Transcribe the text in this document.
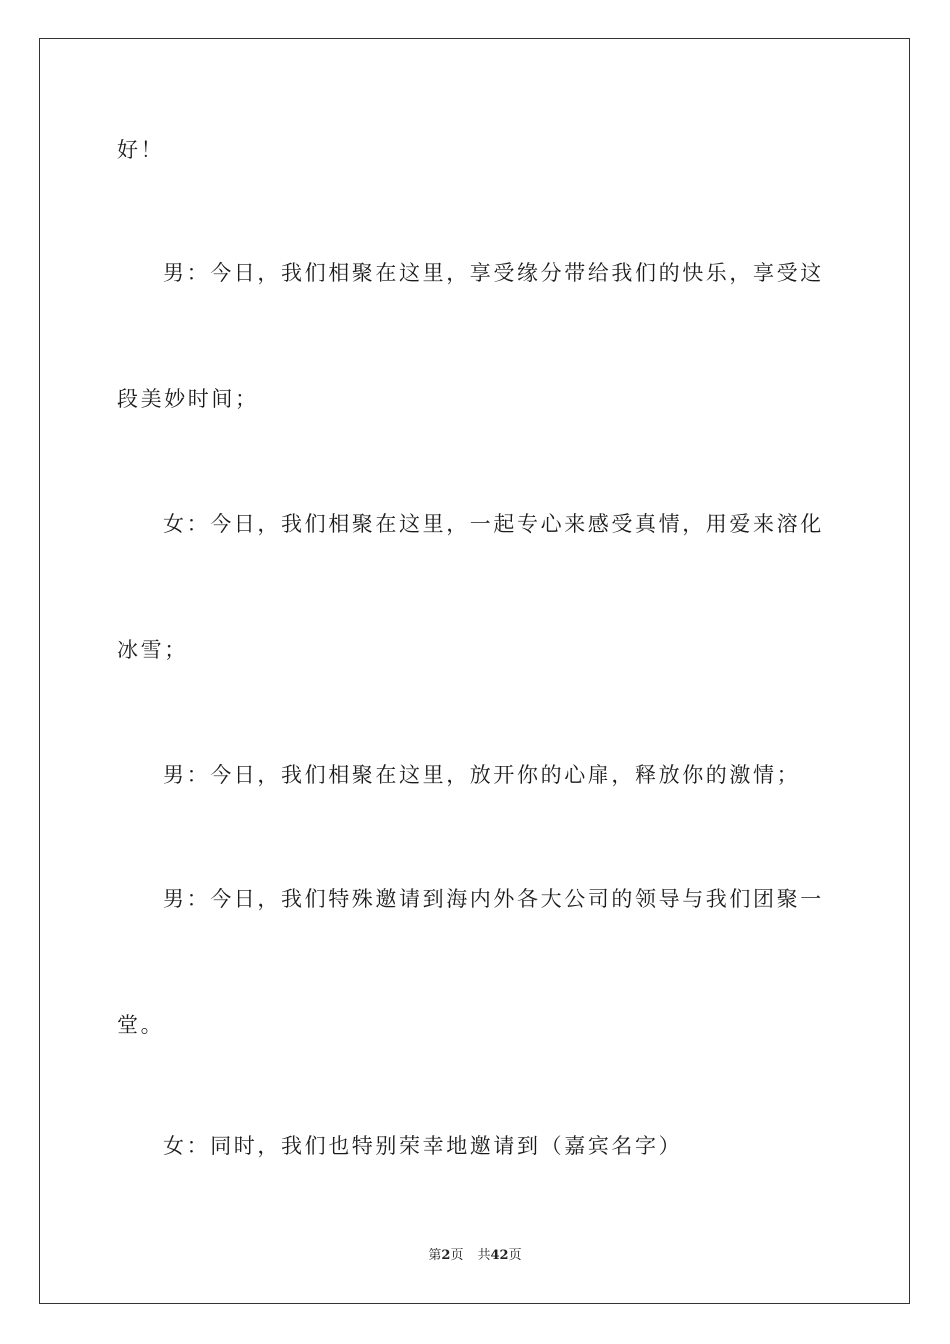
好！
男：今日，我们相聚在这里，享受缘分带给我们的快乐，享受这
段美妙时间；
女：今日，我们相聚在这里，一起专心来感受真情，用爱来溶化
冰雪；
男：今日，我们相聚在这里，放开你的心扉，释放你的激情；
男：今日，我们特殊邀请到海内外各大公司的领导与我们团聚一
堂。
女：同时，我们也特别荣幸地邀请到（嘉宾名字）
第2页 共42页
